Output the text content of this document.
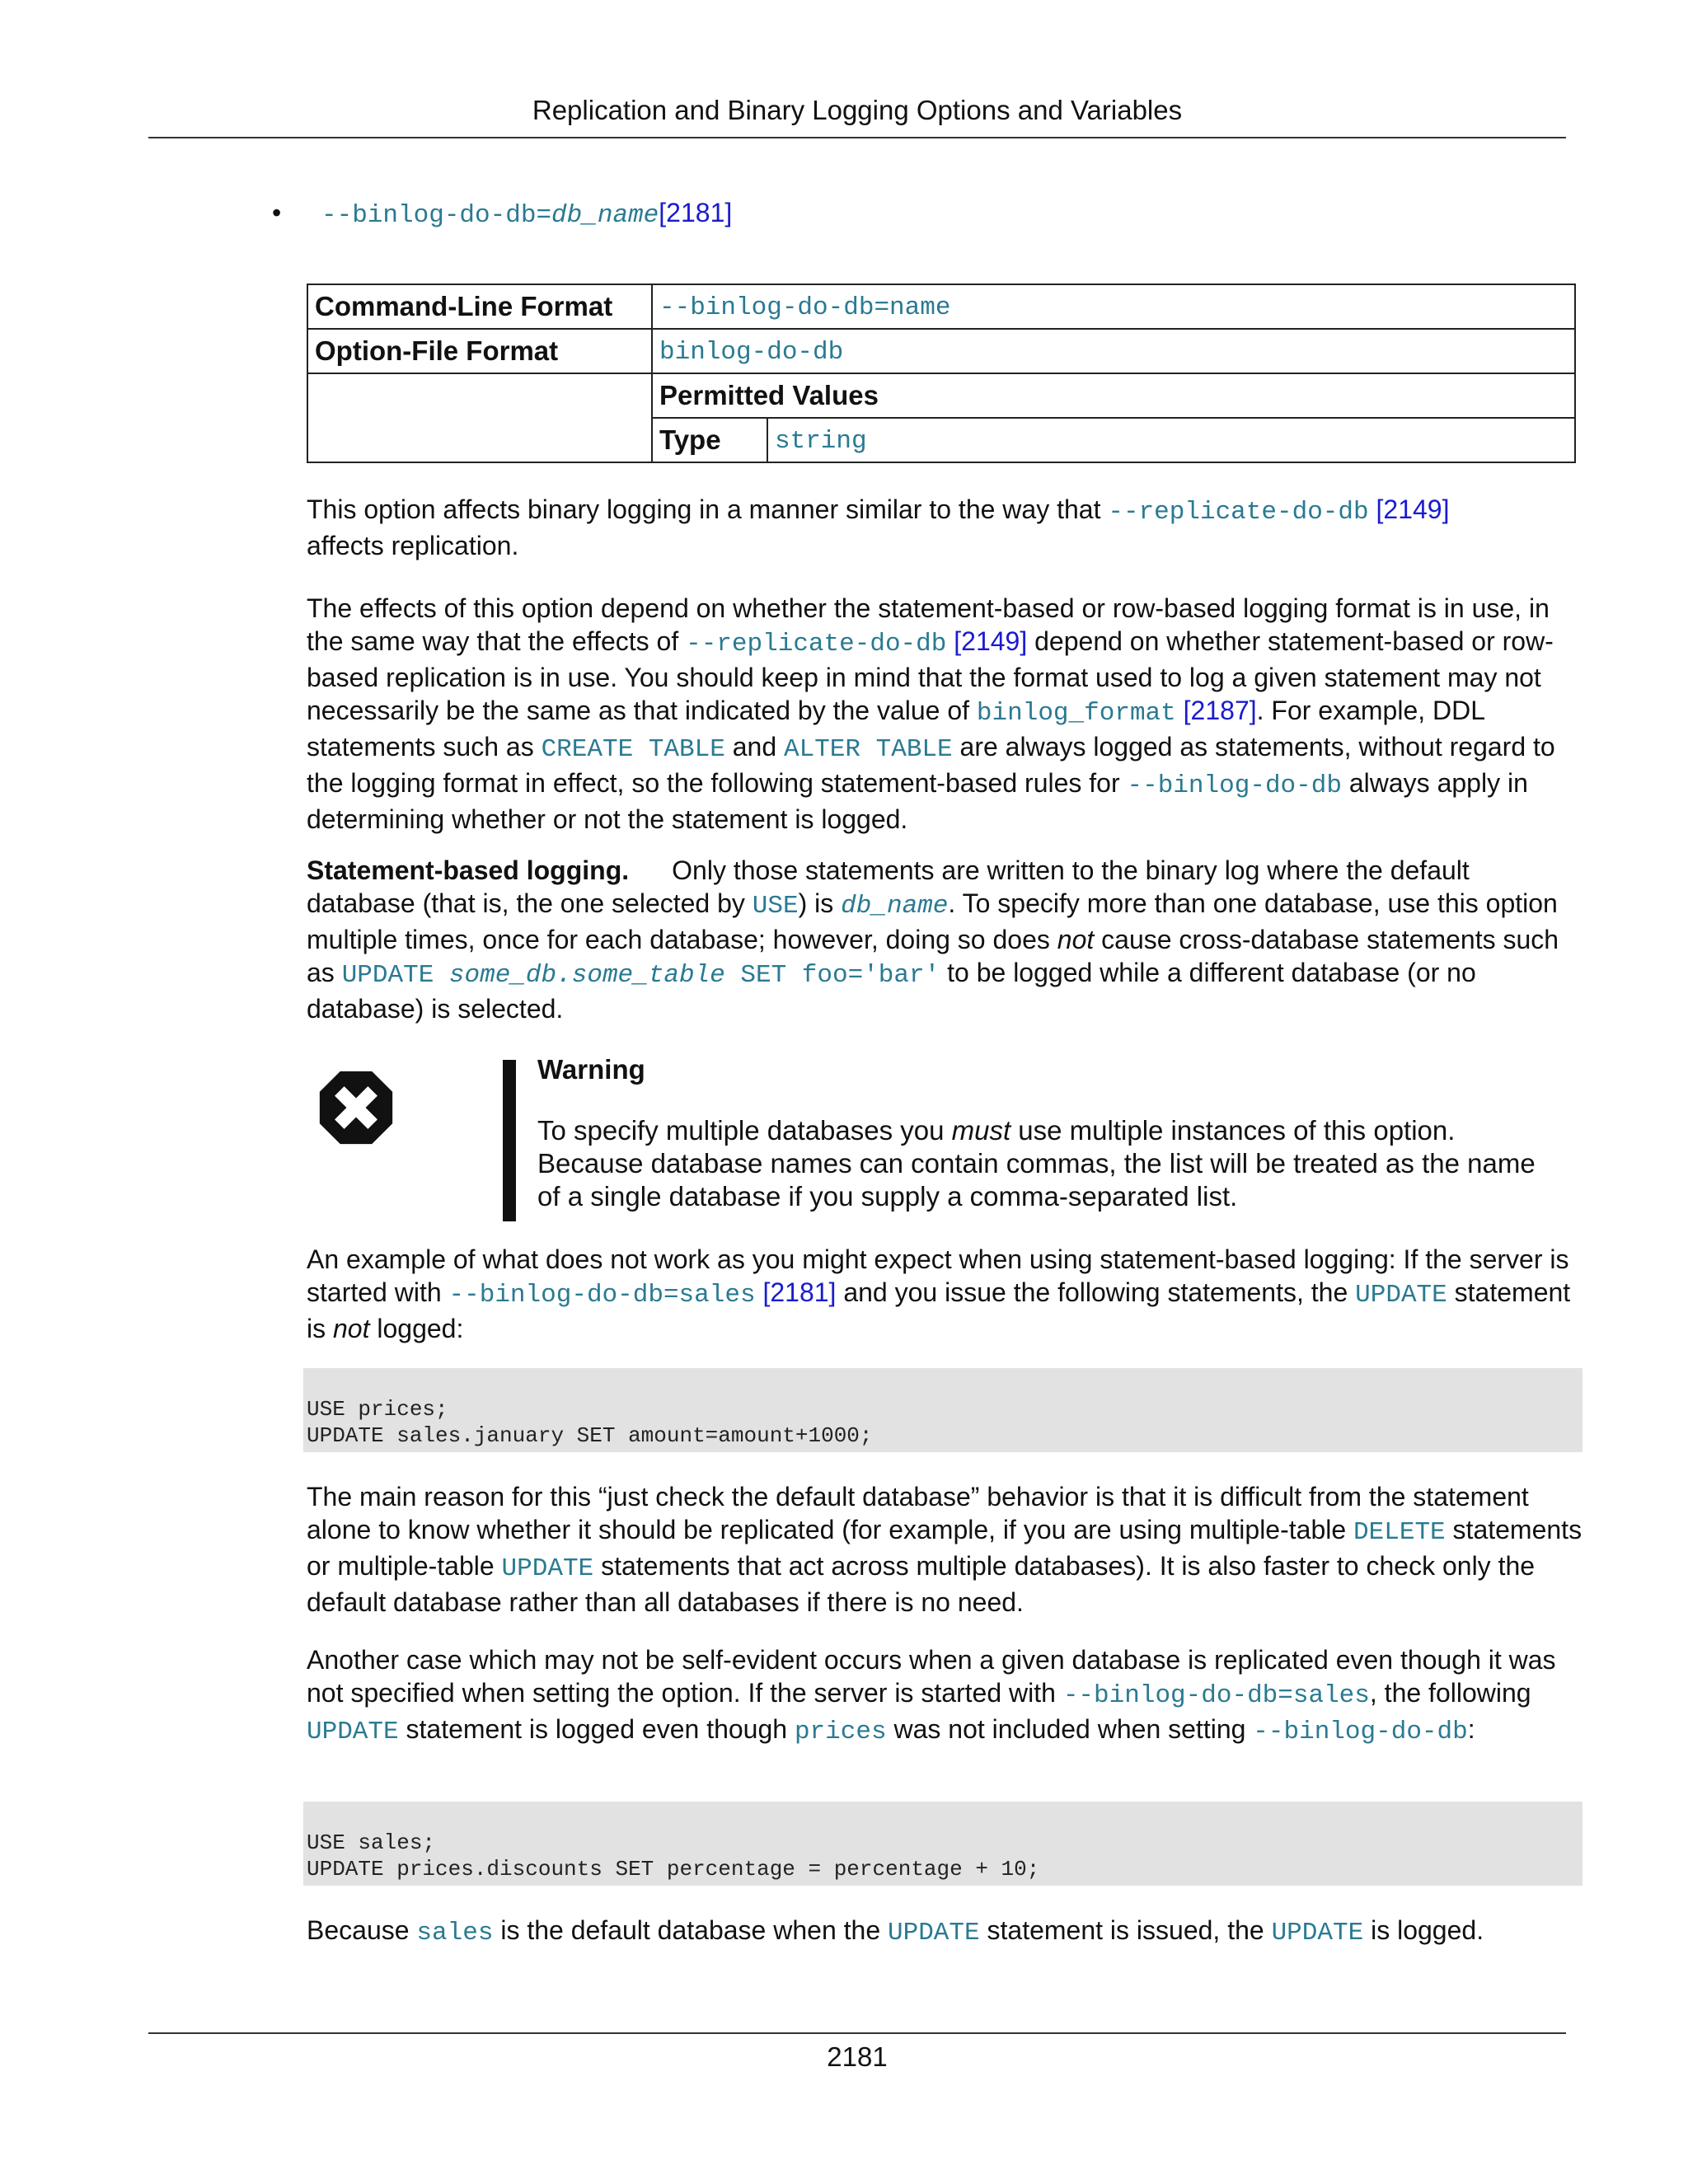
Replication and Binary Logging Options and Variables
• --binlog-do-db=db_name[2181]
Command-Line Format	--binlog-do-db=name	
Option-File Format	binlog-do-db	
	Permitted Values	
	Type	string

This option affects binary logging in a manner similar to the way that --replicate-do-db [2149]
affects replication.

The effects of this option depend on whether the statement-based or row-based logging format is in use, in the same way that the effects of --replicate-do-db [2149] depend on whether statement-based or row-based replication is in use. You should keep in mind that the format used to log a given statement may not necessarily be the same as that indicated by the value of binlog_format [2187]. For example, DDL statements such as CREATE TABLE and ALTER TABLE are always logged as statements, without regard to the logging format in effect, so the following statement-based rules for --binlog-do-db always apply in determining whether or not the statement is logged.

Statement-based logging. Only those statements are written to the binary log where the default database (that is, the one selected by USE) is db_name. To specify more than one database, use this option multiple times, once for each database; however, doing so does not cause cross-database statements such as UPDATE some_db.some_table SET foo='bar' to be logged while a different database (or no database) is selected.

Warning
To specify multiple databases you must use multiple instances of this option. Because database names can contain commas, the list will be treated as the name of a single database if you supply a comma-separated list.

An example of what does not work as you might expect when using statement-based logging: If the server is started with --binlog-do-db=sales [2181] and you issue the following statements, the UPDATE statement is not logged:

USE prices;
UPDATE sales.january SET amount=amount+1000;

The main reason for this “just check the default database” behavior is that it is difficult from the statement alone to know whether it should be replicated (for example, if you are using multiple-table DELETE statements or multiple-table UPDATE statements that act across multiple databases). It is also faster to check only the default database rather than all databases if there is no need.

Another case which may not be self-evident occurs when a given database is replicated even though it was not specified when setting the option. If the server is started with --binlog-do-db=sales, the following UPDATE statement is logged even though prices was not included when setting --binlog-do-db:

USE sales;
UPDATE prices.discounts SET percentage = percentage + 10;

Because sales is the default database when the UPDATE statement is issued, the UPDATE is logged.

2181
